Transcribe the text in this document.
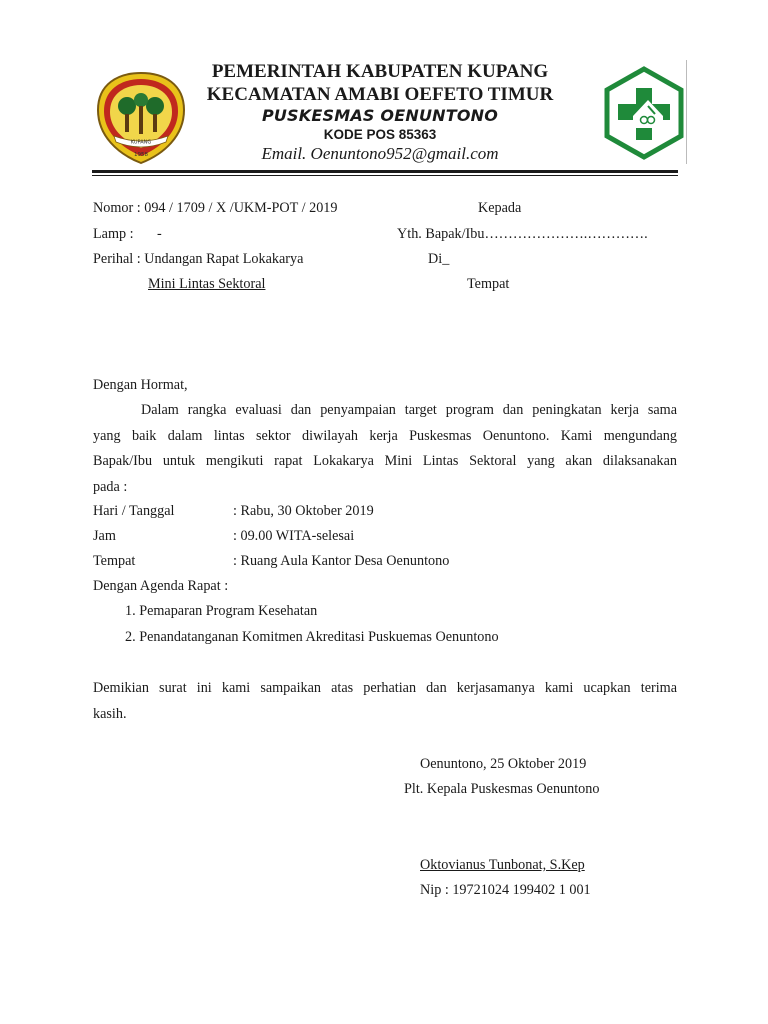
KUPANG
1958
PEMERINTAH KABUPATEN KUPANG
KECAMATAN AMABI OEFETO TIMUR
PUSKESMAS OENUNTONO
KODE POS 85363
Email. Oenuntono952@gmail.com
Nomor : 094 / 1709 / X /UKM-POT / 2019
Lamp : -
Perihal : Undangan Rapat Lokakarya
Mini Lintas Sektoral
Kepada
Yth. Bapak/Ibu………………….………….
Di_
Tempat
Dengan Hormat,
Dalam rangka evaluasi dan penyampaian target program dan peningkatan kerja sama
yang baik dalam lintas sektor diwilayah kerja Puskesmas Oenuntono. Kami mengundang
Bapak/Ibu untuk mengikuti rapat Lokakarya Mini Lintas Sektoral yang akan dilaksanakan
pada :
Hari / Tanggal	: Rabu, 30 Oktober 2019
Jam	: 09.00 WITA-selesai
Tempat	: Ruang Aula Kantor Desa Oenuntono
Dengan Agenda Rapat :
1. Pemaparan Program Kesehatan
2. Penandatanganan Komitmen Akreditasi Puskuemas Oenuntono
Demikian surat ini kami sampaikan atas perhatian dan kerjasamanya kami ucapkan terima
kasih.
Oenuntono, 25 Oktober 2019
Plt. Kepala Puskesmas Oenuntono
Oktovianus Tunbonat, S.Kep
Nip : 19721024 199402 1 001
